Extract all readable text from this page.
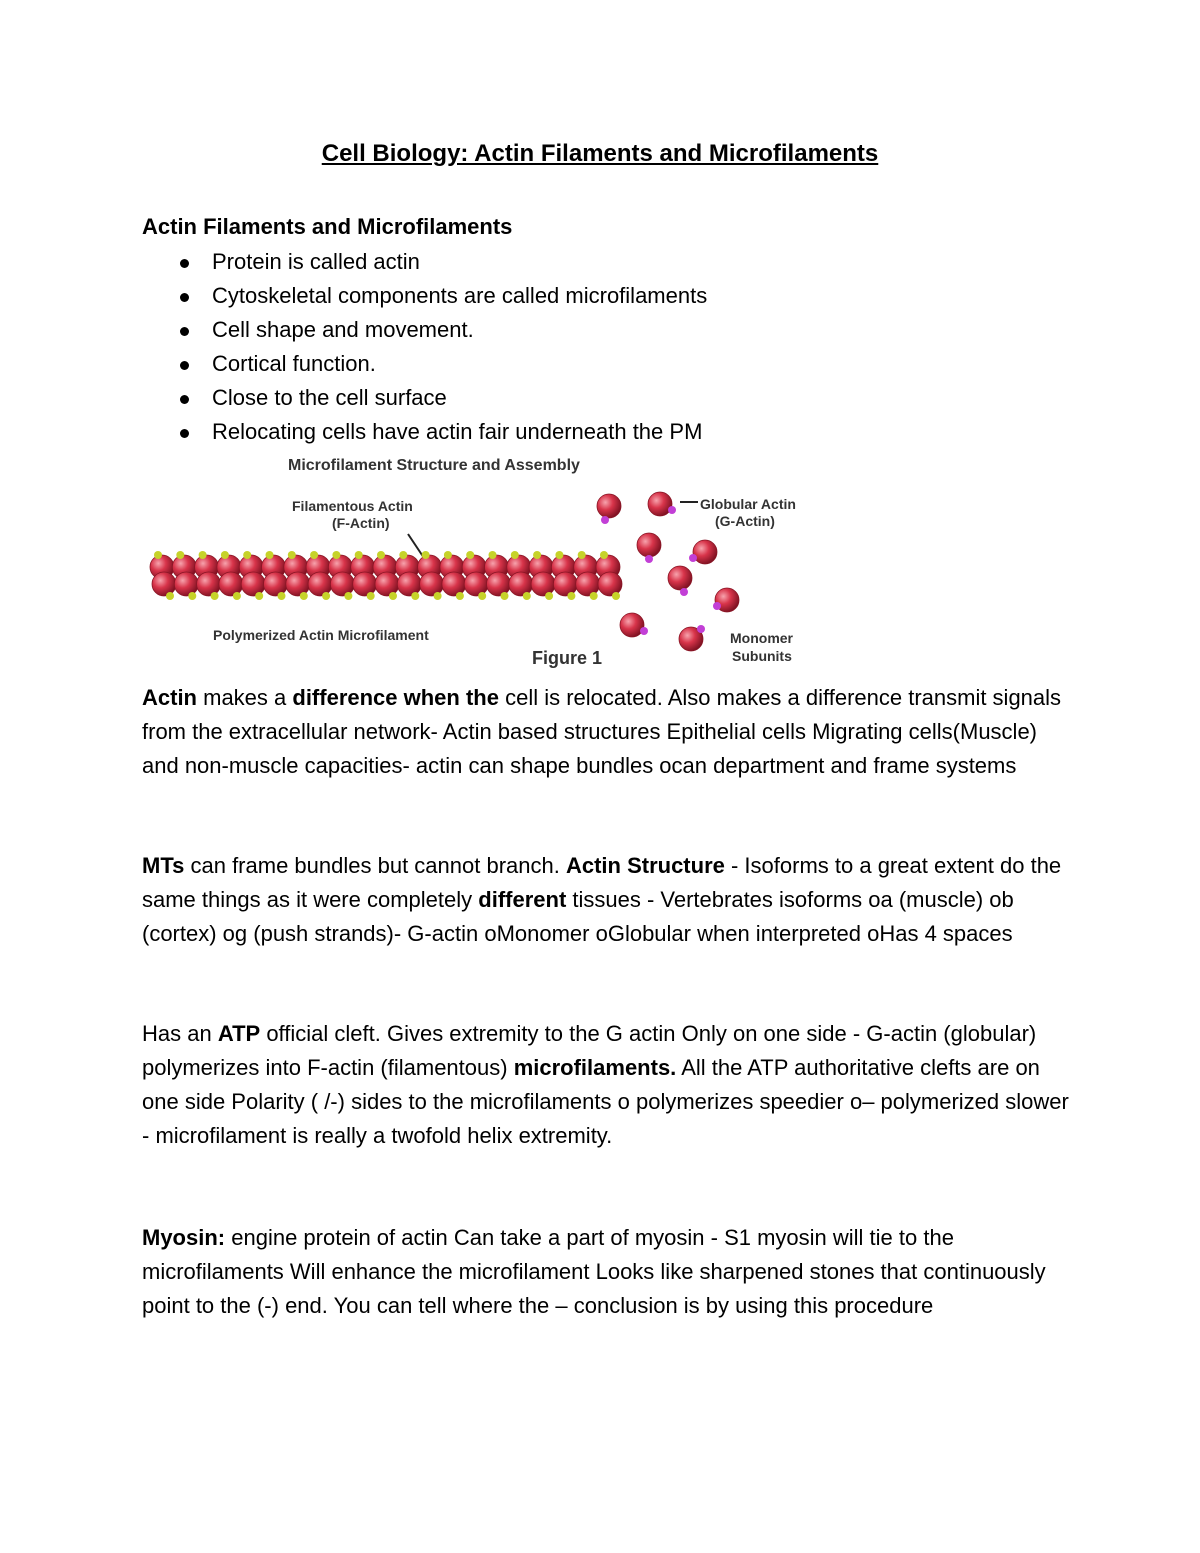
Cell Biology: Actin Filaments and Microfilaments
Actin Filaments and Microfilaments
Protein is called actin
Cytoskeletal components are called microfilaments
Cell shape and movement.
Cortical function.
Close to the cell surface
Relocating cells have actin fair underneath the PM
Microfilament Structure and Assembly
Filamentous Actin
(F-Actin)
Globular Actin
(G-Actin)
Polymerized Actin Microfilament
Figure 1
Monomer
Subunits

Actin makes a difference when the cell is relocated. Also makes a difference transmit signals from the extracellular network- Actin based structures Epithelial cells Migrating cells(Muscle) and non-muscle capacities- actin can shape bundles ocan department and frame systems

MTs can frame bundles but cannot branch. Actin Structure - Isoforms to a great extent do the same things as it were completely different tissues - Vertebrates isoforms oa (muscle) ob (cortex) og (push strands)- G-actin oMonomer oGlobular when interpreted oHas 4 spaces

Has an ATP official cleft. Gives extremity to the G actin Only on one side - G-actin (globular) polymerizes into F-actin (filamentous) microfilaments. All the ATP authoritative clefts are on one side Polarity ( /-) sides to the microfilaments o polymerizes speedier o– polymerized slower - microfilament is really a twofold helix extremity.

Myosin: engine protein of actin Can take a part of myosin - S1 myosin will tie to the microfilaments Will enhance the microfilament Looks like sharpened stones that continuously point to the (-) end. You can tell where the – conclusion is by using this procedure
